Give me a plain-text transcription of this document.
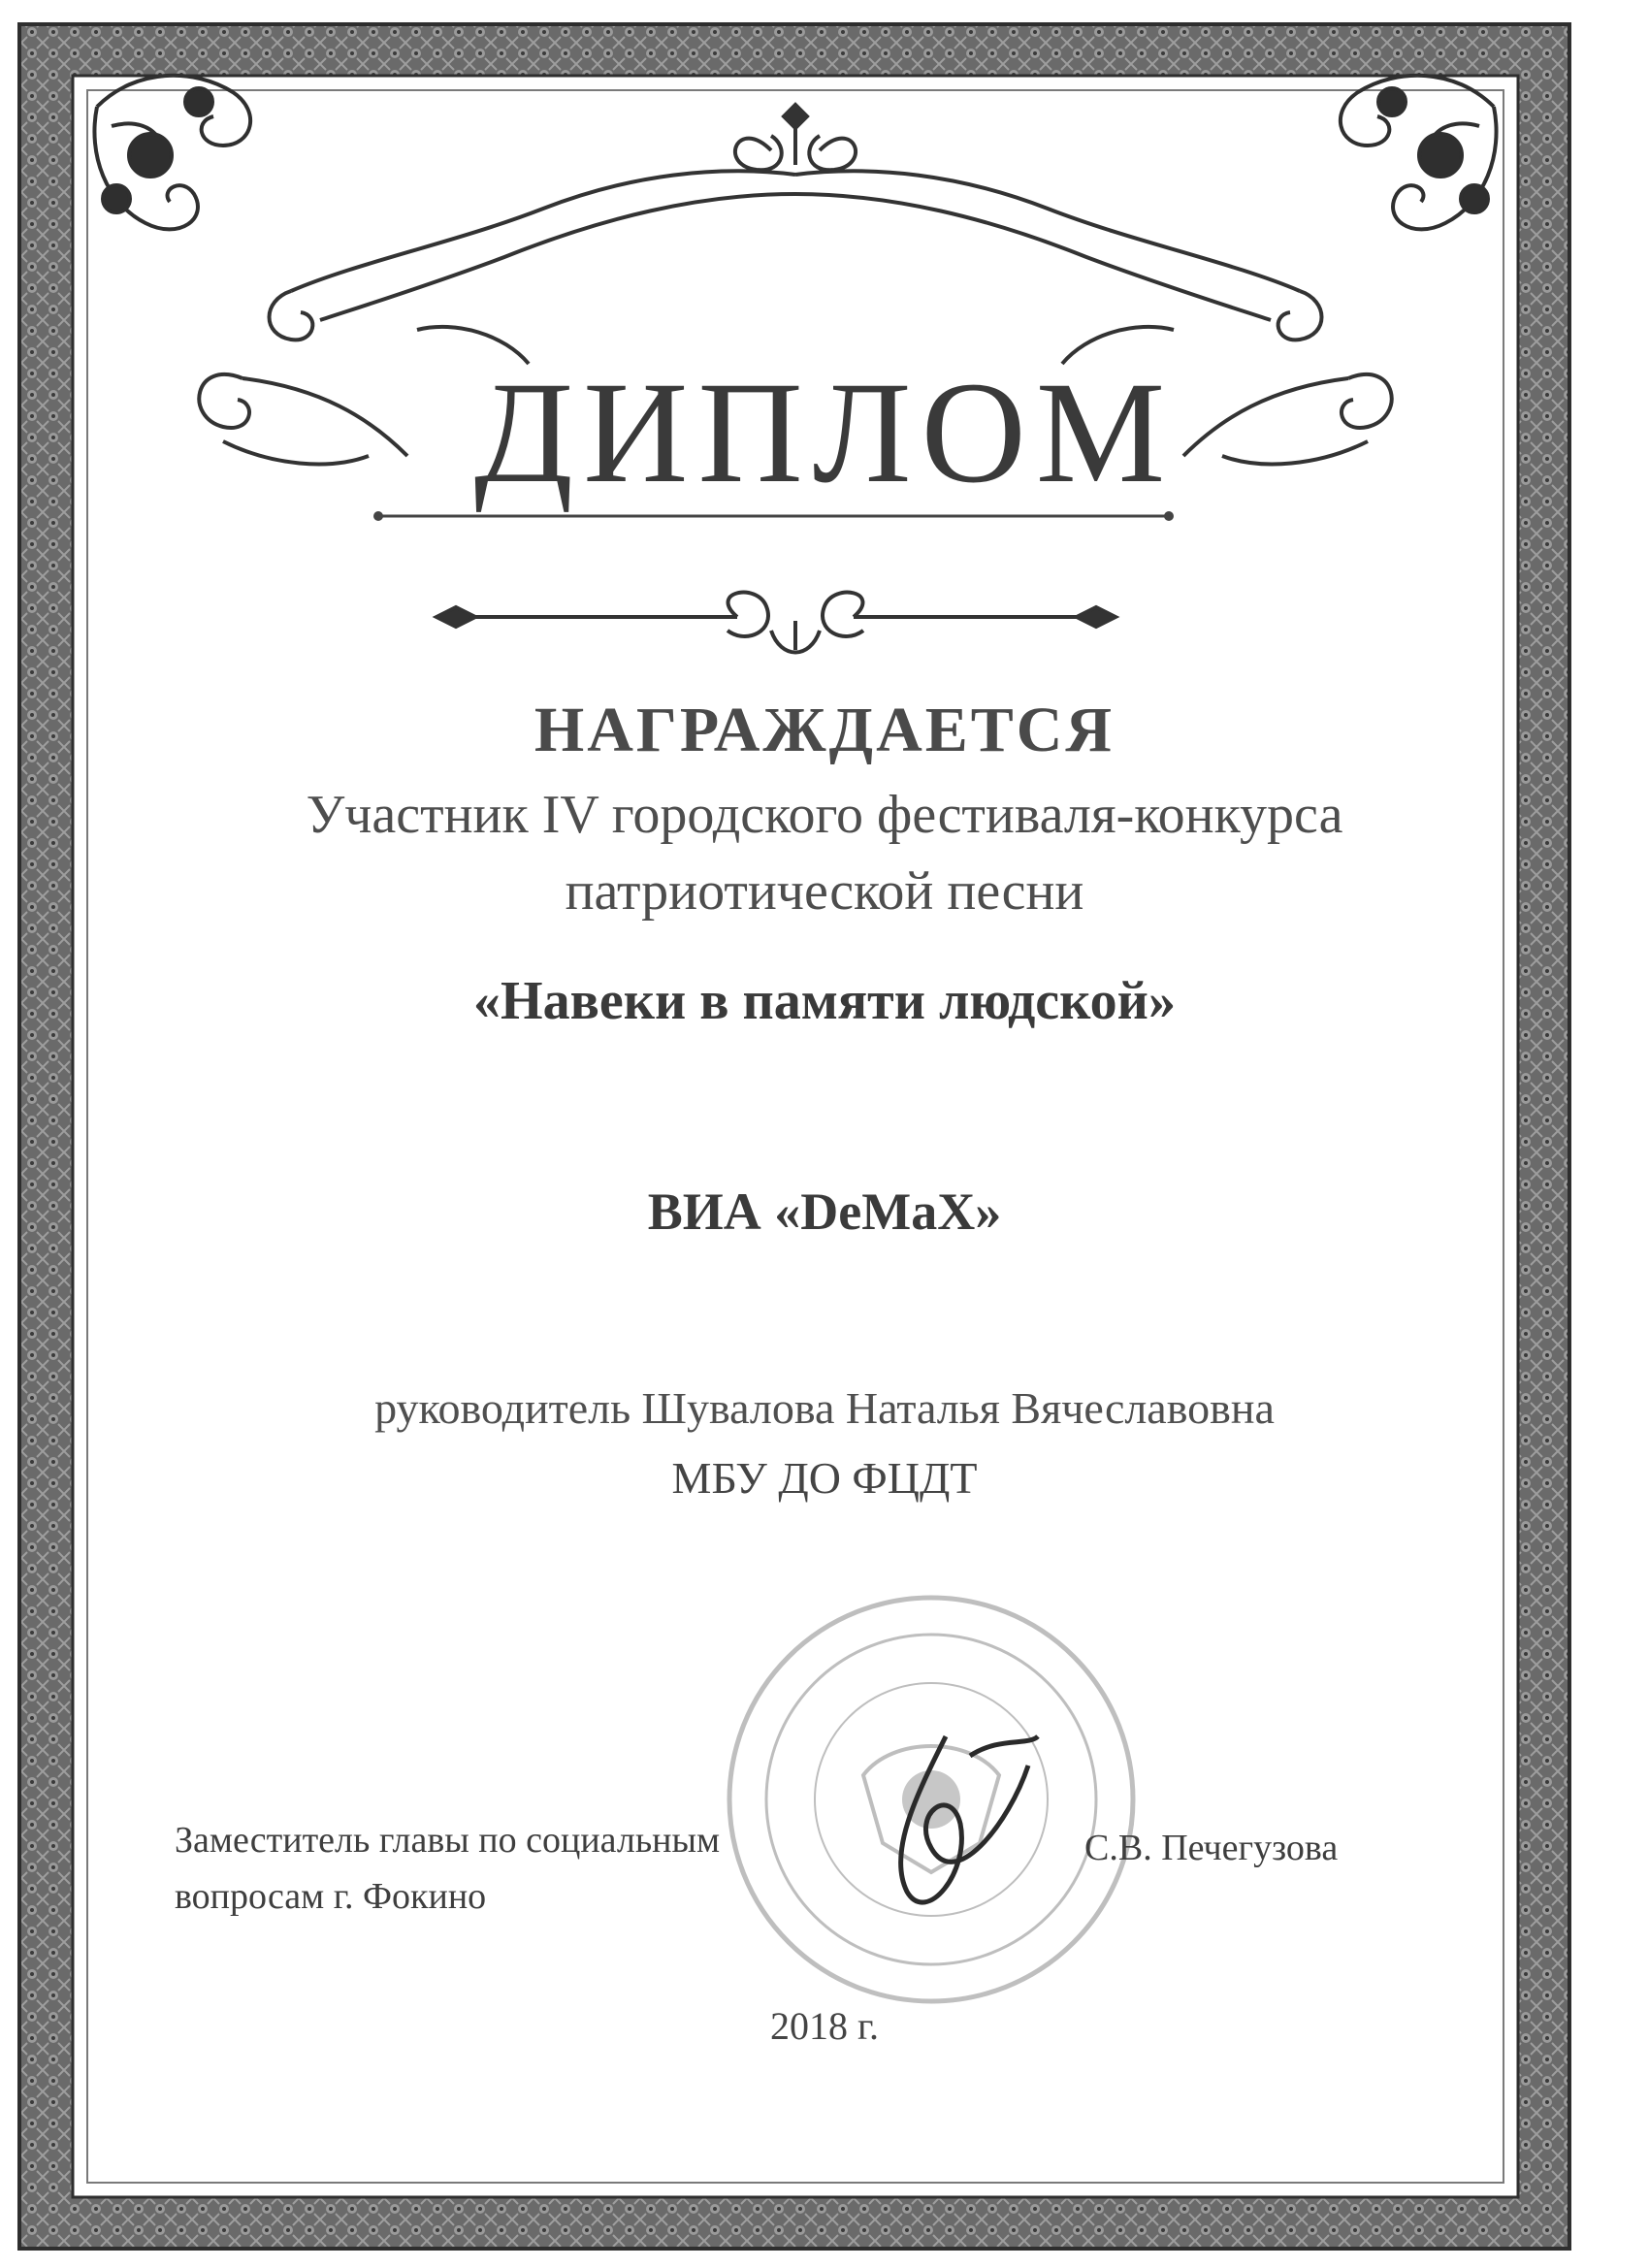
ДИПЛОМ
НАГРАЖДАЕТСЯ
Участник IV городского фестиваля-конкурса
патриотической песни
«Навеки в памяти людской»
ВИА «DeMaX»
руководитель Шувалова Наталья Вячеславовна
МБУ ДО ФЦДТ
Заместитель главы по социальным
вопросам г. Фокино
С.В. Печегузова
2018 г.
